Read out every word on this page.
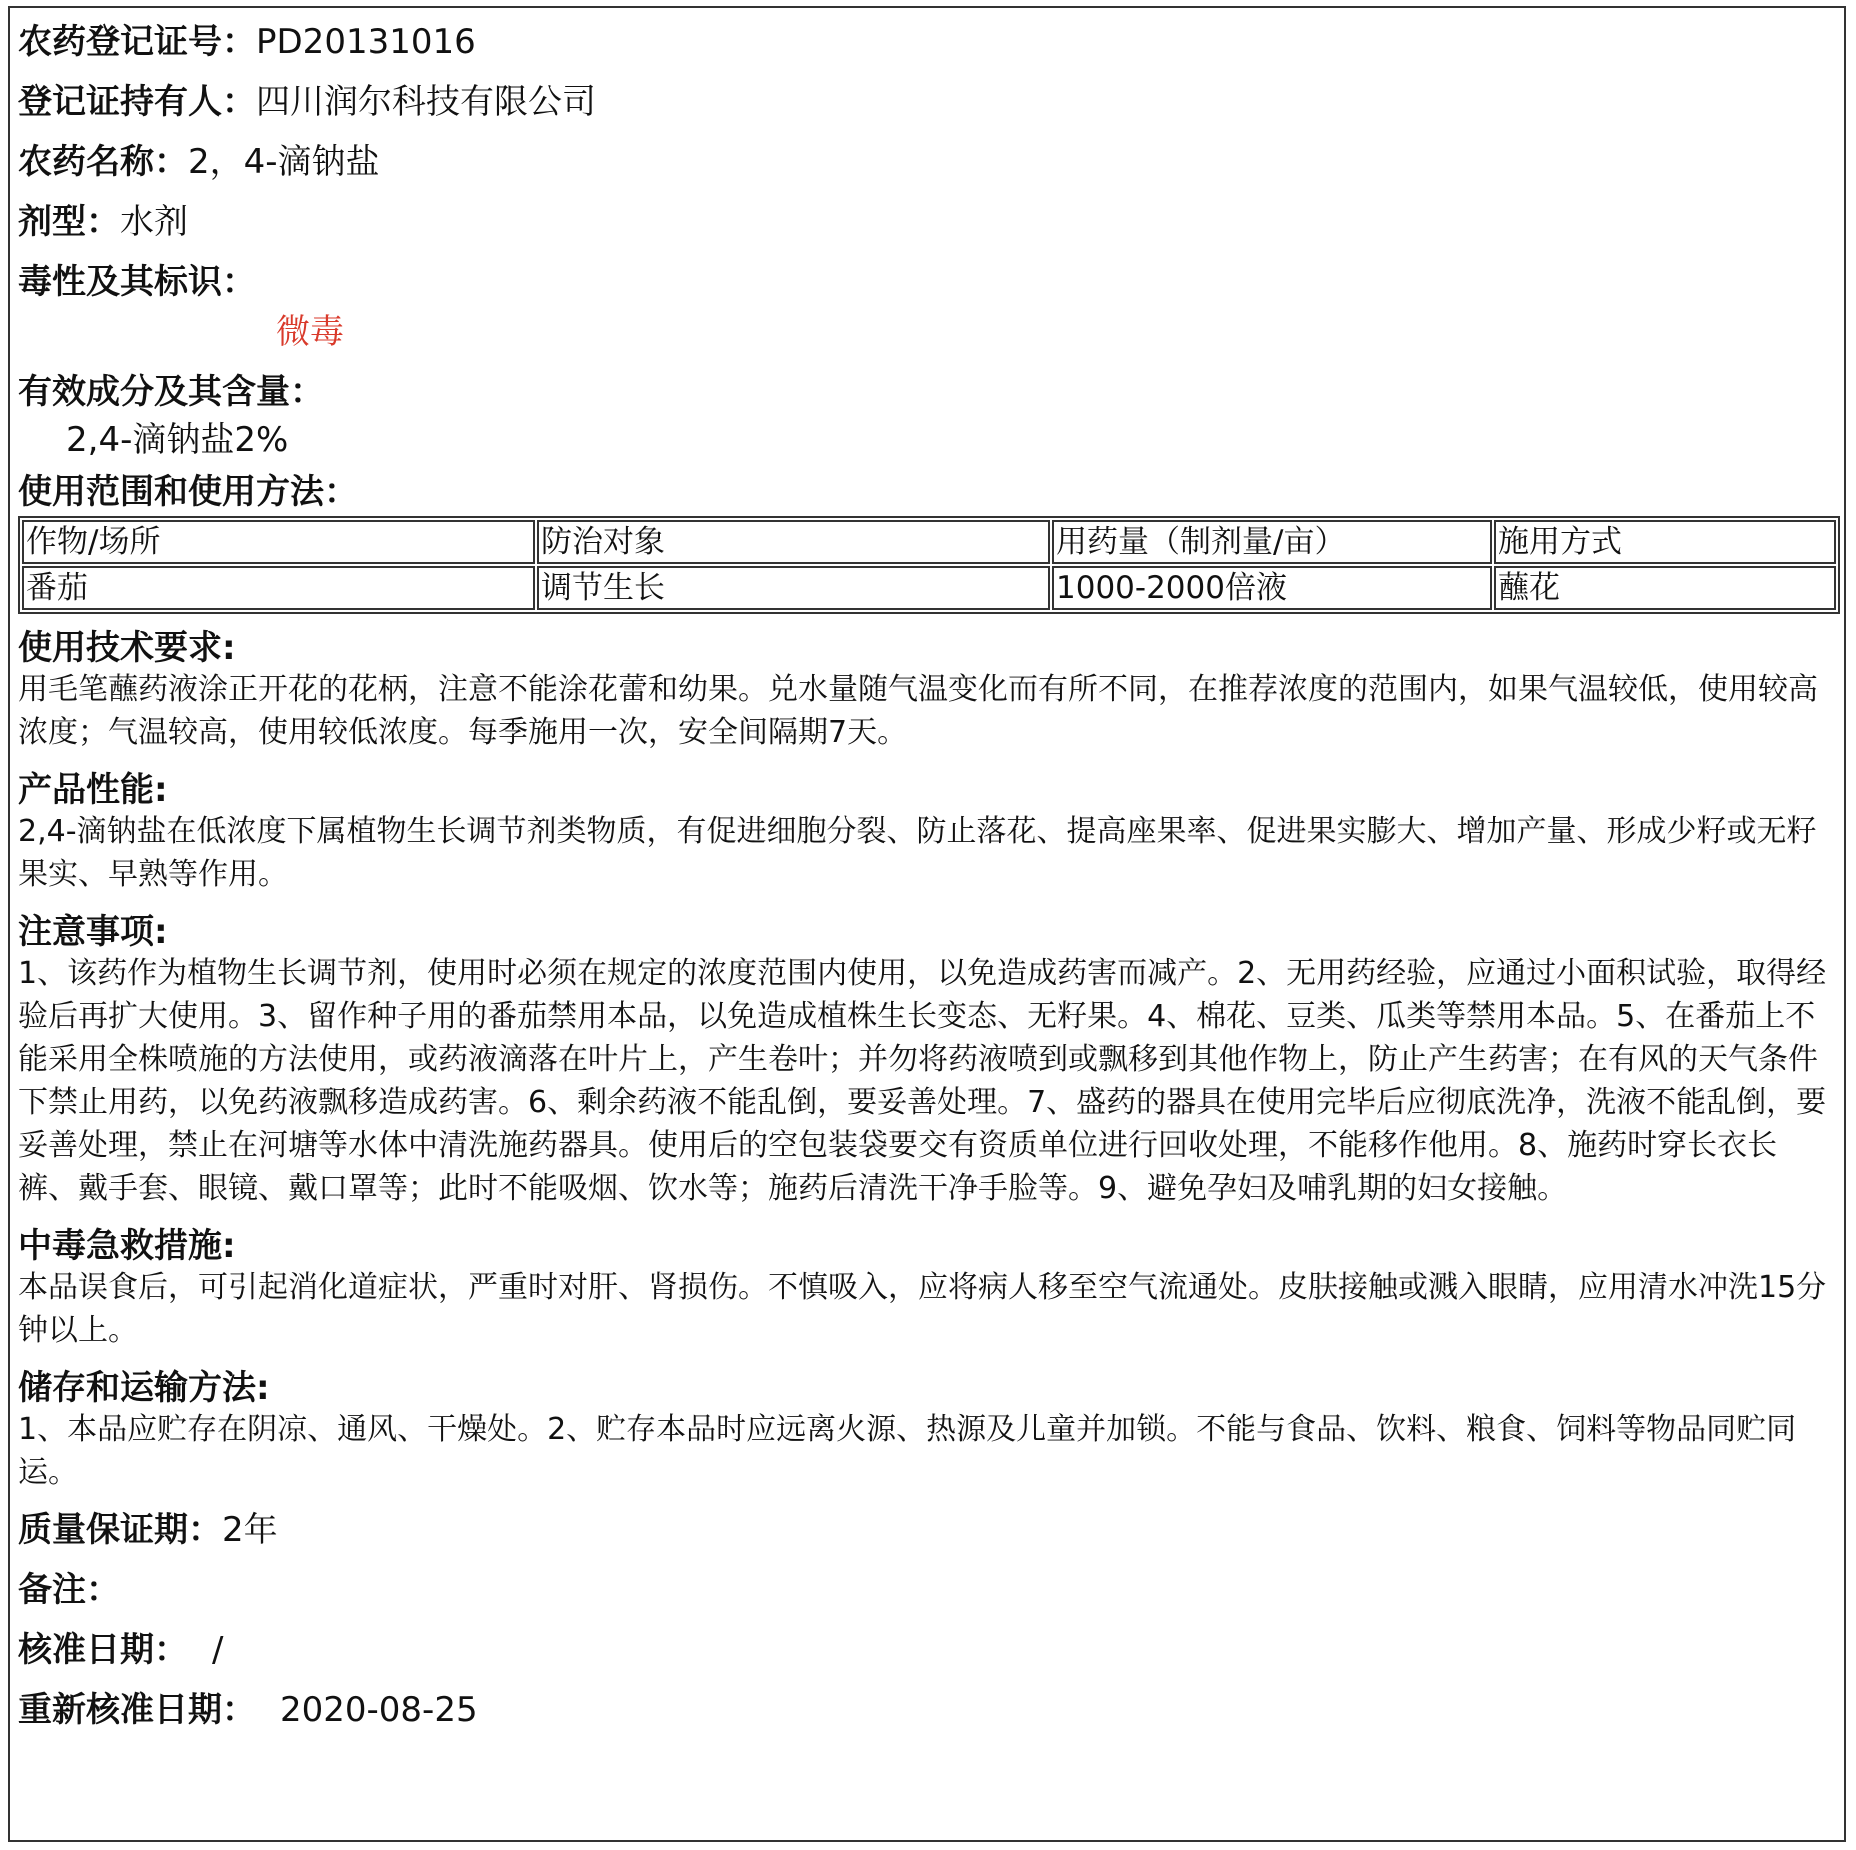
农药登记证号：PD20131016
登记证持有人：四川润尔科技有限公司
农药名称：2，4-滴钠盐
剂型：水剂
毒性及其标识：
微毒
有效成分及其含量：
2,4-滴钠盐2%
使用范围和使用方法：
作物/场所	防治对象	用药量（制剂量/亩）	施用方式
番茄	调节生长	1000-2000倍液	蘸花
使用技术要求:
用毛笔蘸药液涂正开花的花柄，注意不能涂花蕾和幼果。兑水量随气温变化而有所不同，在推荐浓度的范围内，如果气温较低，使用较高浓度；气温较高，使用较低浓度。每季施用一次，安全间隔期7天。
产品性能:
2,4-滴钠盐在低浓度下属植物生长调节剂类物质，有促进细胞分裂、防止落花、提高座果率、促进果实膨大、增加产量、形成少籽或无籽果实、早熟等作用。
注意事项:
1、该药作为植物生长调节剂，使用时必须在规定的浓度范围内使用，以免造成药害而减产。2、无用药经验，应通过小面积试验，取得经验后再扩大使用。3、留作种子用的番茄禁用本品，以免造成植株生长变态、无籽果。4、棉花、豆类、瓜类等禁用本品。5、在番茄上不能采用全株喷施的方法使用，或药液滴落在叶片上，产生卷叶；并勿将药液喷到或飘移到其他作物上，防止产生药害；在有风的天气条件下禁止用药，以免药液飘移造成药害。6、剩余药液不能乱倒，要妥善处理。7、盛药的器具在使用完毕后应彻底洗净，洗液不能乱倒，要妥善处理，禁止在河塘等水体中清洗施药器具。使用后的空包装袋要交有资质单位进行回收处理，不能移作他用。8、施药时穿长衣长裤、戴手套、眼镜、戴口罩等；此时不能吸烟、饮水等；施药后清洗干净手脸等。9、避免孕妇及哺乳期的妇女接触。
中毒急救措施:
本品误食后，可引起消化道症状，严重时对肝、肾损伤。不慎吸入，应将病人移至空气流通处。皮肤接触或溅入眼睛，应用清水冲洗15分钟以上。
储存和运输方法:
1、本品应贮存在阴凉、通风、干燥处。2、贮存本品时应远离火源、热源及儿童并加锁。不能与食品、饮料、粮食、饲料等物品同贮同运。
质量保证期：2年
备注：
核准日期： /
重新核准日期： 2020-08-25
